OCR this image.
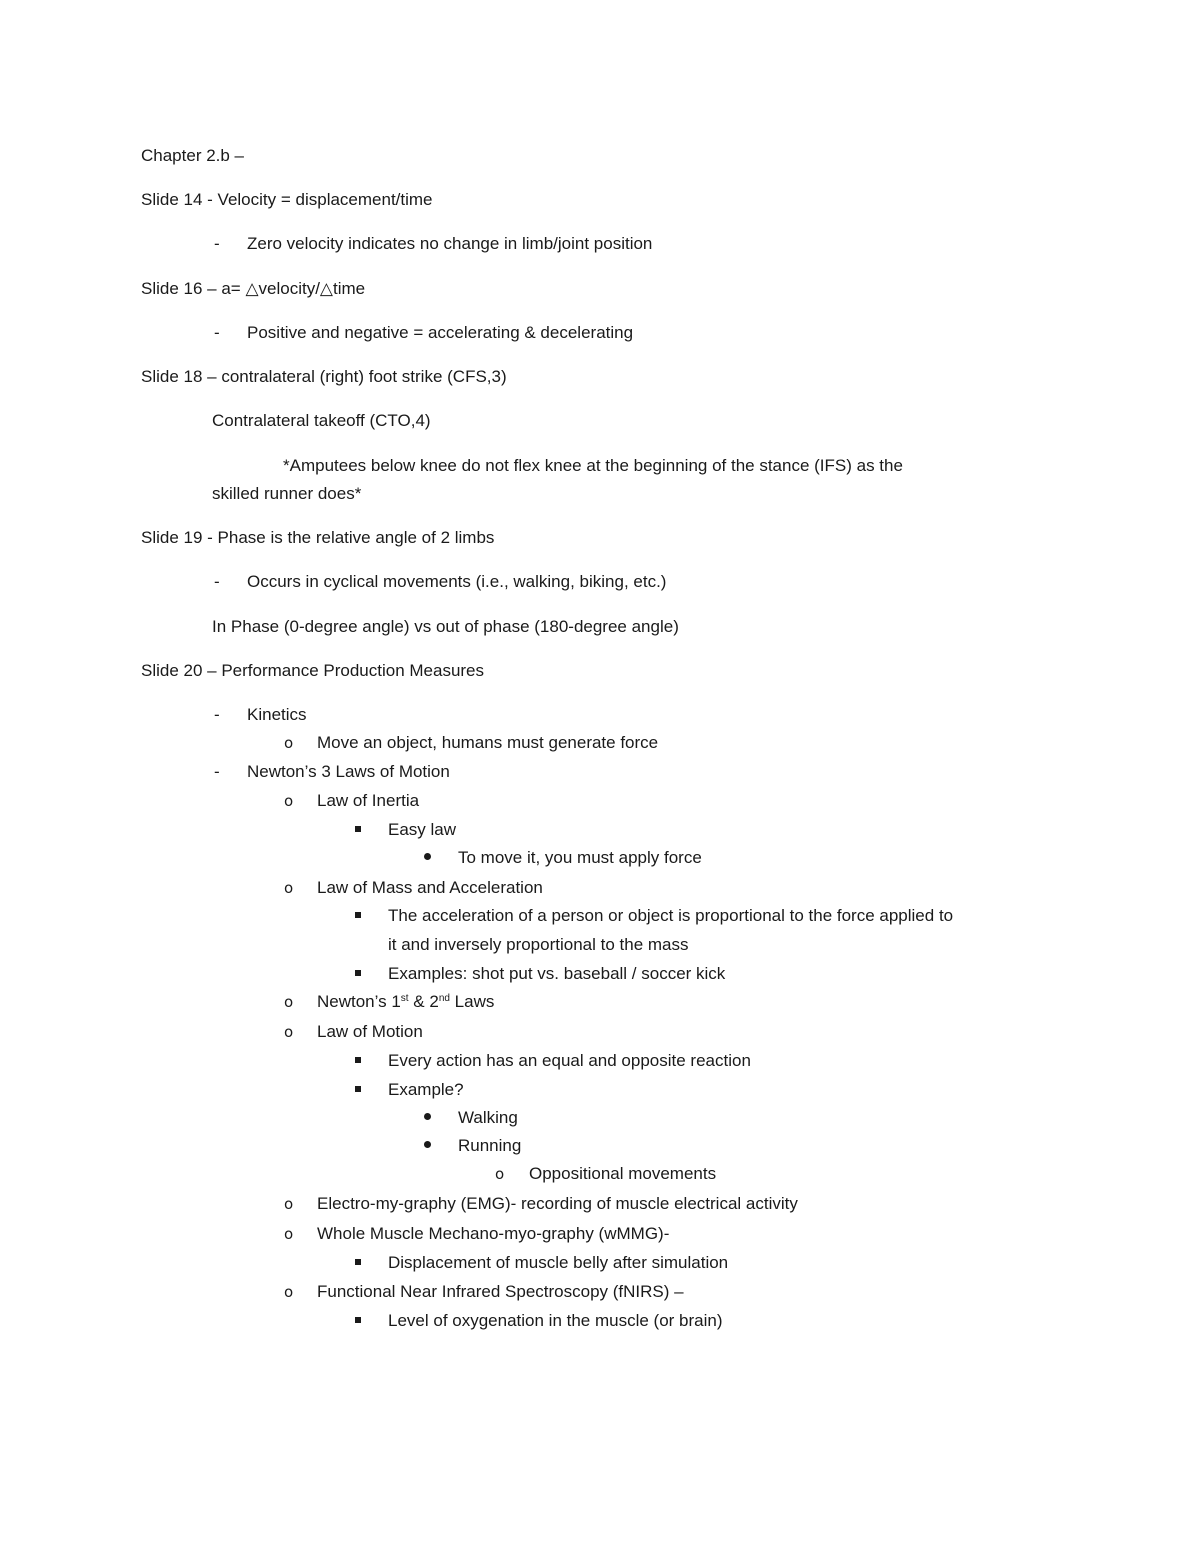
Chapter 2.b –

Slide 14 - Velocity = displacement/time

- Zero velocity indicates no change in limb/joint position

Slide 16 – a= △velocity/△time

- Positive and negative = accelerating & decelerating

Slide 18 – contralateral (right) foot strike (CFS,3)

Contralateral takeoff (CTO,4)

*Amputees below knee do not flex knee at the beginning of the stance (IFS) as the

skilled runner does*

Slide 19 - Phase is the relative angle of 2 limbs

- Occurs in cyclical movements (i.e., walking, biking, etc.)

In Phase (0-degree angle) vs out of phase (180-degree angle)

Slide 20 – Performance Production Measures

- Kinetics

o Move an object, humans must generate force

- Newton’s 3 Laws of Motion

o Law of Inertia

Easy law

To move it, you must apply force

o Law of Mass and Acceleration

The acceleration of a person or object is proportional to the force applied to

it and inversely proportional to the mass

Examples: shot put vs. baseball / soccer kick

o Newton’s 1st & 2nd Laws

o Law of Motion

Every action has an equal and opposite reaction

Example?

Walking

Running

o Oppositional movements

o Electro-my-graphy (EMG)- recording of muscle electrical activity

o Whole Muscle Mechano-myo-graphy (wMMG)-

Displacement of muscle belly after simulation

o Functional Near Infrared Spectroscopy (fNIRS) –

Level of oxygenation in the muscle (or brain)
